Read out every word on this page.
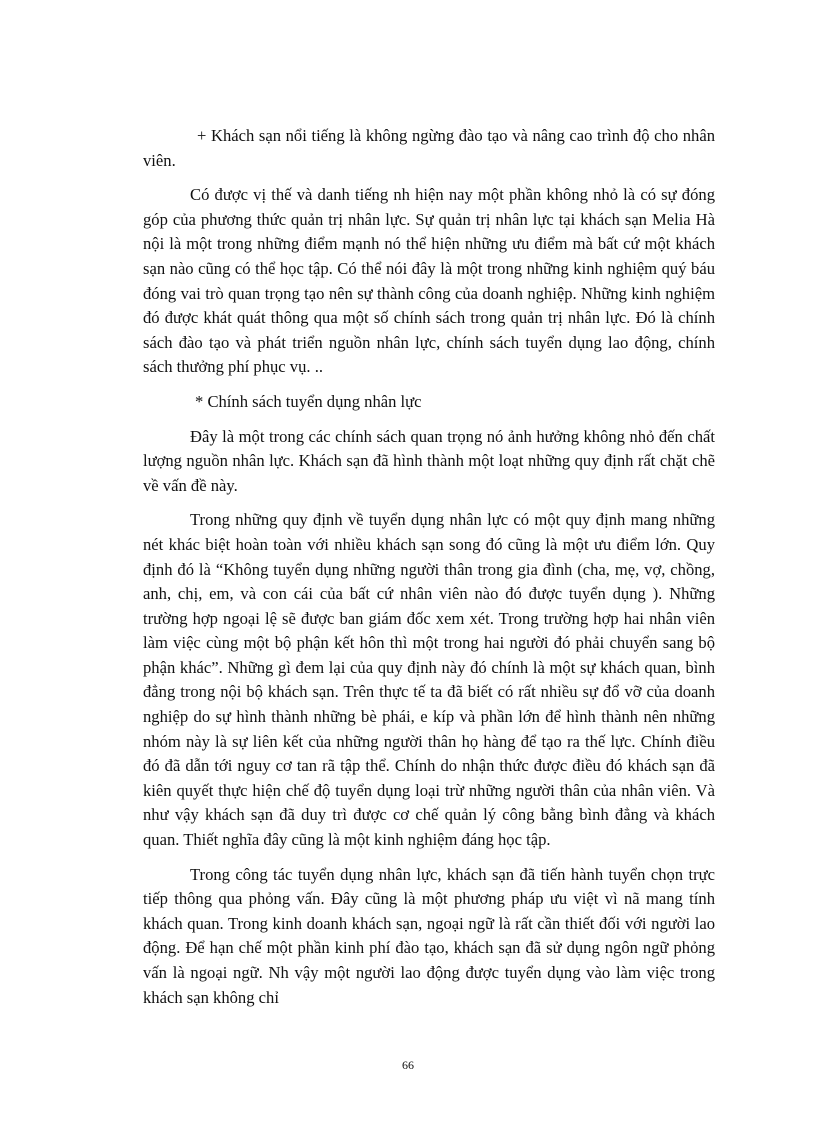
+ Khách sạn nổi tiếng là không ngừng đào tạo và nâng cao trình độ cho nhân viên.

Có được vị thế và danh tiếng nh hiện nay một phần không nhỏ là có sự đóng góp của phương thức quản trị nhân lực. Sự quản trị nhân lực tại khách sạn Melia Hà nội là một trong những điểm mạnh nó thể hiện những ưu điểm mà bất cứ một khách sạn nào cũng có thể học tập. Có thể nói đây là một trong những kinh nghiệm quý báu đóng vai trò quan trọng tạo nên sự thành công của doanh nghiệp. Những kinh nghiệm đó được khát quát thông qua một số chính sách trong quản trị nhân lực. Đó là chính sách đào tạo và phát triển nguồn nhân lực, chính sách tuyển dụng lao động, chính sách thưởng phí phục vụ. ..

* Chính sách tuyển dụng nhân lực

Đây là một trong các chính sách quan trọng nó ảnh hưởng không nhỏ đến chất lượng nguồn nhân lực. Khách sạn đã hình thành một loạt những quy định rất chặt chẽ về vấn đề này.

Trong những quy định về tuyển dụng nhân lực có một quy định mang những nét khác biệt hoàn toàn với nhiều khách sạn song đó cũng là một ưu điểm lớn. Quy định đó là “Không tuyển dụng những người thân trong gia đình (cha, mẹ, vợ, chồng, anh, chị, em, và con cái của bất cứ nhân viên nào đó được tuyển dụng ). Những trường hợp ngoại lệ sẽ được ban giám đốc xem xét. Trong trường hợp hai nhân viên làm việc cùng một bộ phận kết hôn thì một trong hai người đó phải chuyển sang bộ phận khác”. Những gì đem lại của quy định này đó chính là một sự khách quan, bình đẳng trong nội bộ khách sạn. Trên thực tế ta đã biết có rất nhiều sự đổ vỡ của doanh nghiệp do sự hình thành những bè phái, e kíp và phần lớn để hình thành nên những nhóm này là sự liên kết của những người thân họ hàng để tạo ra thế lực. Chính điều đó đã dẫn tới nguy cơ tan rã tập thể. Chính do nhận thức được điều đó khách sạn đã kiên quyết thực hiện chế độ tuyển dụng loại trừ những người thân của nhân viên. Và như vậy khách sạn đã duy trì được cơ chế quản lý công bằng bình đẳng và khách quan. Thiết nghĩa đây cũng là một kinh nghiệm đáng học tập.

Trong công tác tuyển dụng nhân lực, khách sạn đã tiến hành tuyển chọn trực tiếp thông qua phỏng vấn. Đây cũng là một phương pháp ưu việt vì nã mang tính khách quan. Trong kinh doanh khách sạn, ngoại ngữ là rất cần thiết đối với người lao động. Để hạn chế một phần kinh phí đào tạo, khách sạn đã sử dụng ngôn ngữ phỏng vấn là ngoại ngữ. Nh vậy một người lao động được tuyển dụng vào làm việc trong khách sạn không chỉ

66
